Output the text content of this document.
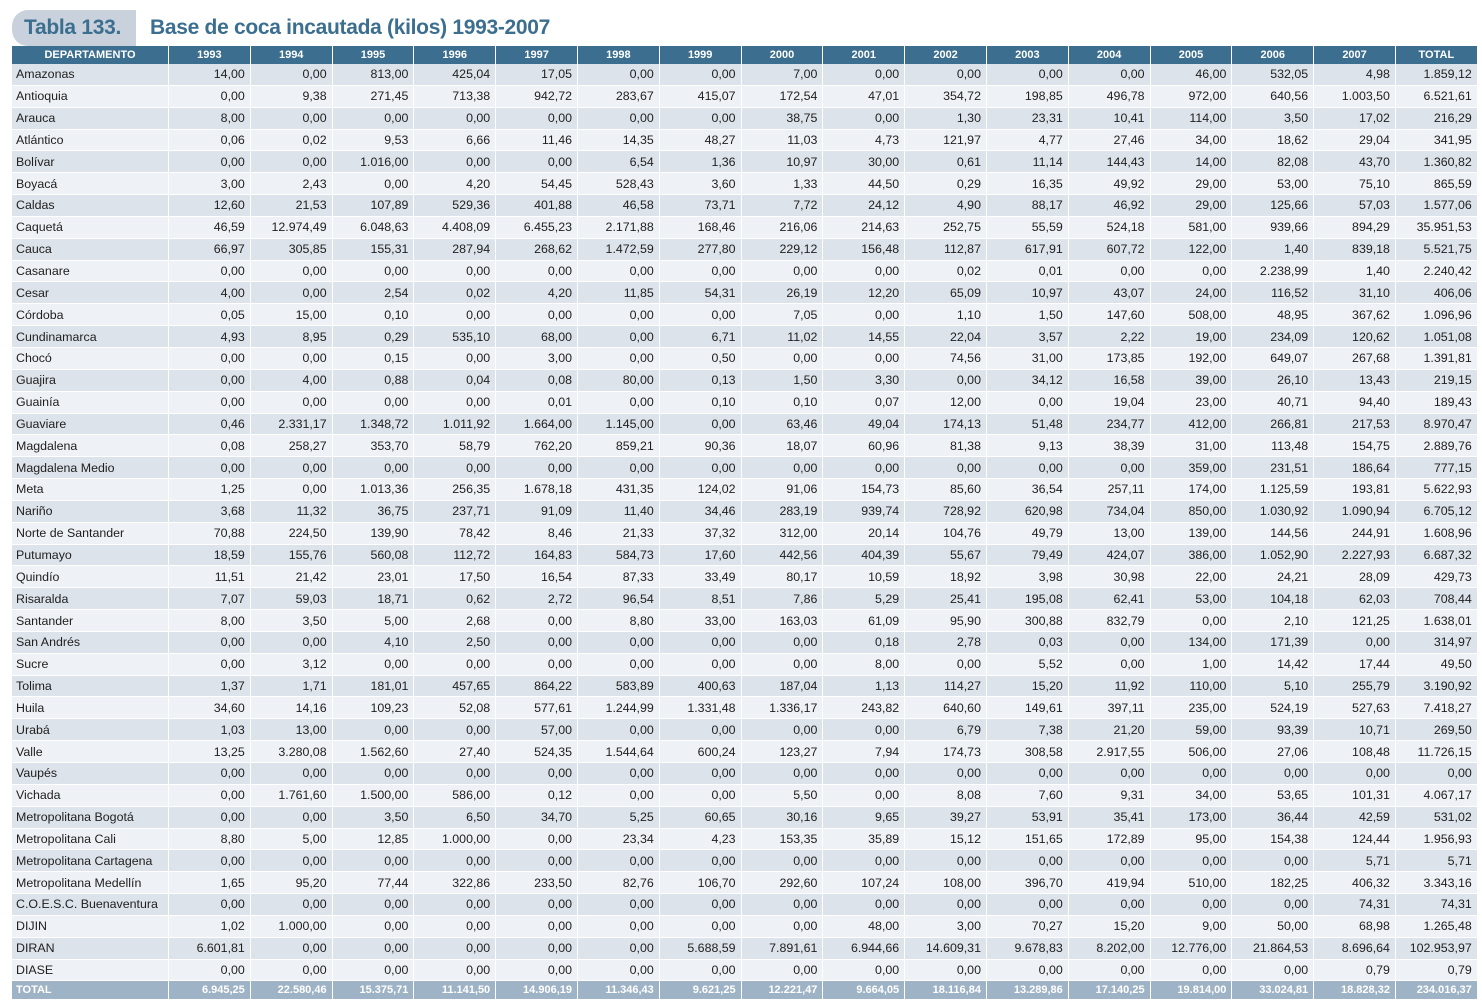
Tabla 133.	Base de coca incautada (kilos) 1993-2007
DEPARTAMENTO	1993	1994	1995	1996	1997	1998	1999	2000	2001	2002	2003	2004	2005	2006	2007	TOTAL
Amazonas	14,00	0,00	813,00	425,04	17,05	0,00	0,00	7,00	0,00	0,00	0,00	0,00	46,00	532,05	4,98	1.859,12
Antioquia	0,00	9,38	271,45	713,38	942,72	283,67	415,07	172,54	47,01	354,72	198,85	496,78	972,00	640,56	1.003,50	6.521,61
Arauca	8,00	0,00	0,00	0,00	0,00	0,00	0,00	38,75	0,00	1,30	23,31	10,41	114,00	3,50	17,02	216,29
Atlántico	0,06	0,02	9,53	6,66	11,46	14,35	48,27	11,03	4,73	121,97	4,77	27,46	34,00	18,62	29,04	341,95
Bolívar	0,00	0,00	1.016,00	0,00	0,00	6,54	1,36	10,97	30,00	0,61	11,14	144,43	14,00	82,08	43,70	1.360,82
Boyacá	3,00	2,43	0,00	4,20	54,45	528,43	3,60	1,33	44,50	0,29	16,35	49,92	29,00	53,00	75,10	865,59
Caldas	12,60	21,53	107,89	529,36	401,88	46,58	73,71	7,72	24,12	4,90	88,17	46,92	29,00	125,66	57,03	1.577,06
Caquetá	46,59	12.974,49	6.048,63	4.408,09	6.455,23	2.171,88	168,46	216,06	214,63	252,75	55,59	524,18	581,00	939,66	894,29	35.951,53
Cauca	66,97	305,85	155,31	287,94	268,62	1.472,59	277,80	229,12	156,48	112,87	617,91	607,72	122,00	1,40	839,18	5.521,75
Casanare	0,00	0,00	0,00	0,00	0,00	0,00	0,00	0,00	0,00	0,02	0,01	0,00	0,00	2.238,99	1,40	2.240,42
Cesar	4,00	0,00	2,54	0,02	4,20	11,85	54,31	26,19	12,20	65,09	10,97	43,07	24,00	116,52	31,10	406,06
Córdoba	0,05	15,00	0,10	0,00	0,00	0,00	0,00	7,05	0,00	1,10	1,50	147,60	508,00	48,95	367,62	1.096,96
Cundinamarca	4,93	8,95	0,29	535,10	68,00	0,00	6,71	11,02	14,55	22,04	3,57	2,22	19,00	234,09	120,62	1.051,08
Chocó	0,00	0,00	0,15	0,00	3,00	0,00	0,50	0,00	0,00	74,56	31,00	173,85	192,00	649,07	267,68	1.391,81
Guajira	0,00	4,00	0,88	0,04	0,08	80,00	0,13	1,50	3,30	0,00	34,12	16,58	39,00	26,10	13,43	219,15
Guainía	0,00	0,00	0,00	0,00	0,01	0,00	0,10	0,10	0,07	12,00	0,00	19,04	23,00	40,71	94,40	189,43
Guaviare	0,46	2.331,17	1.348,72	1.011,92	1.664,00	1.145,00	0,00	63,46	49,04	174,13	51,48	234,77	412,00	266,81	217,53	8.970,47
Magdalena	0,08	258,27	353,70	58,79	762,20	859,21	90,36	18,07	60,96	81,38	9,13	38,39	31,00	113,48	154,75	2.889,76
Magdalena Medio	0,00	0,00	0,00	0,00	0,00	0,00	0,00	0,00	0,00	0,00	0,00	0,00	359,00	231,51	186,64	777,15
Meta	1,25	0,00	1.013,36	256,35	1.678,18	431,35	124,02	91,06	154,73	85,60	36,54	257,11	174,00	1.125,59	193,81	5.622,93
Nariño	3,68	11,32	36,75	237,71	91,09	11,40	34,46	283,19	939,74	728,92	620,98	734,04	850,00	1.030,92	1.090,94	6.705,12
Norte de Santander	70,88	224,50	139,90	78,42	8,46	21,33	37,32	312,00	20,14	104,76	49,79	13,00	139,00	144,56	244,91	1.608,96
Putumayo	18,59	155,76	560,08	112,72	164,83	584,73	17,60	442,56	404,39	55,67	79,49	424,07	386,00	1.052,90	2.227,93	6.687,32
Quindío	11,51	21,42	23,01	17,50	16,54	87,33	33,49	80,17	10,59	18,92	3,98	30,98	22,00	24,21	28,09	429,73
Risaralda	7,07	59,03	18,71	0,62	2,72	96,54	8,51	7,86	5,29	25,41	195,08	62,41	53,00	104,18	62,03	708,44
Santander	8,00	3,50	5,00	2,68	0,00	8,80	33,00	163,03	61,09	95,90	300,88	832,79	0,00	2,10	121,25	1.638,01
San Andrés	0,00	0,00	4,10	2,50	0,00	0,00	0,00	0,00	0,18	2,78	0,03	0,00	134,00	171,39	0,00	314,97
Sucre	0,00	3,12	0,00	0,00	0,00	0,00	0,00	0,00	8,00	0,00	5,52	0,00	1,00	14,42	17,44	49,50
Tolima	1,37	1,71	181,01	457,65	864,22	583,89	400,63	187,04	1,13	114,27	15,20	11,92	110,00	5,10	255,79	3.190,92
Huila	34,60	14,16	109,23	52,08	577,61	1.244,99	1.331,48	1.336,17	243,82	640,60	149,61	397,11	235,00	524,19	527,63	7.418,27
Urabá	1,03	13,00	0,00	0,00	57,00	0,00	0,00	0,00	0,00	6,79	7,38	21,20	59,00	93,39	10,71	269,50
Valle	13,25	3.280,08	1.562,60	27,40	524,35	1.544,64	600,24	123,27	7,94	174,73	308,58	2.917,55	506,00	27,06	108,48	11.726,15
Vaupés	0,00	0,00	0,00	0,00	0,00	0,00	0,00	0,00	0,00	0,00	0,00	0,00	0,00	0,00	0,00	0,00
Vichada	0,00	1.761,60	1.500,00	586,00	0,12	0,00	0,00	5,50	0,00	8,08	7,60	9,31	34,00	53,65	101,31	4.067,17
Metropolitana Bogotá	0,00	0,00	3,50	6,50	34,70	5,25	60,65	30,16	9,65	39,27	53,91	35,41	173,00	36,44	42,59	531,02
Metropolitana Cali	8,80	5,00	12,85	1.000,00	0,00	23,34	4,23	153,35	35,89	15,12	151,65	172,89	95,00	154,38	124,44	1.956,93
Metropolitana Cartagena	0,00	0,00	0,00	0,00	0,00	0,00	0,00	0,00	0,00	0,00	0,00	0,00	0,00	0,00	5,71	5,71
Metropolitana Medellín	1,65	95,20	77,44	322,86	233,50	82,76	106,70	292,60	107,24	108,00	396,70	419,94	510,00	182,25	406,32	3.343,16
C.O.E.S.C. Buenaventura	0,00	0,00	0,00	0,00	0,00	0,00	0,00	0,00	0,00	0,00	0,00	0,00	0,00	0,00	74,31	74,31
DIJIN	1,02	1.000,00	0,00	0,00	0,00	0,00	0,00	0,00	48,00	3,00	70,27	15,20	9,00	50,00	68,98	1.265,48
DIRAN	6.601,81	0,00	0,00	0,00	0,00	0,00	5.688,59	7.891,61	6.944,66	14.609,31	9.678,83	8.202,00	12.776,00	21.864,53	8.696,64	102.953,97
DIASE	0,00	0,00	0,00	0,00	0,00	0,00	0,00	0,00	0,00	0,00	0,00	0,00	0,00	0,00	0,79	0,79
TOTAL	6.945,25	22.580,46	15.375,71	11.141,50	14.906,19	11.346,43	9.621,25	12.221,47	9.664,05	18.116,84	13.289,86	17.140,25	19.814,00	33.024,81	18.828,32	234.016,37
